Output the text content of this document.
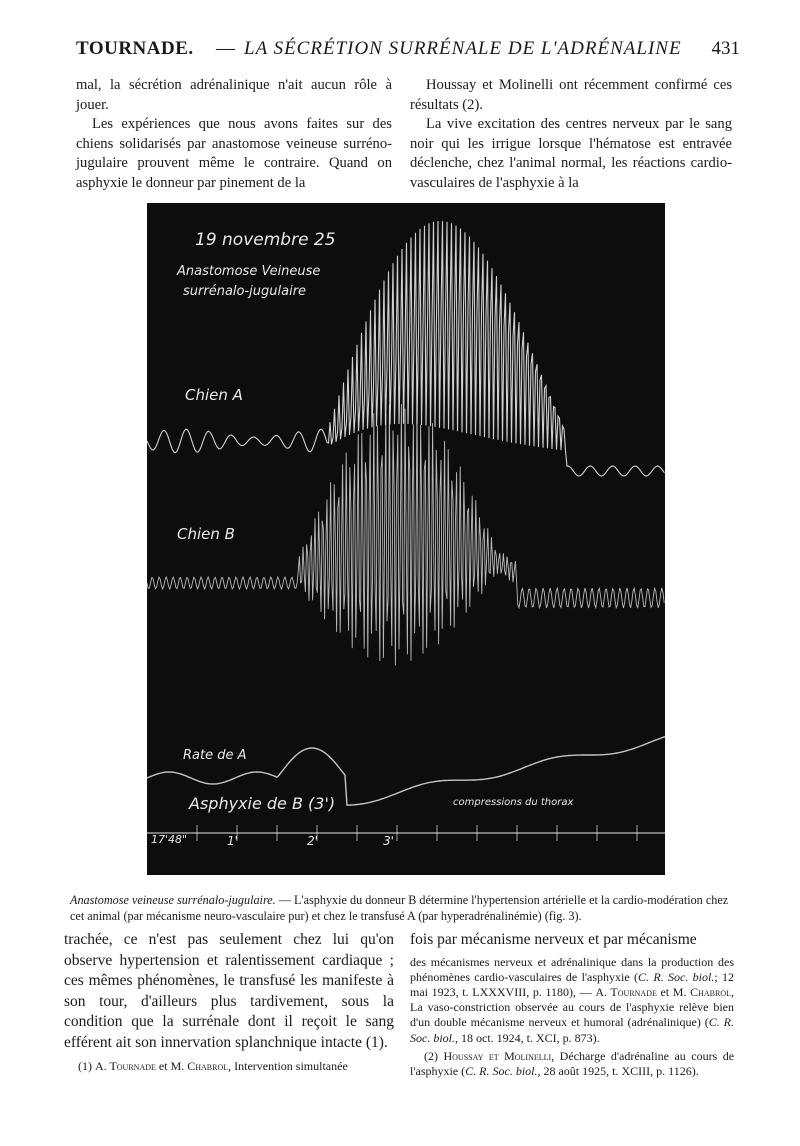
TOURNADE. — LA SÉCRÉTION SURRÉNALE DE L'ADRÉNALINE 431

mal, la sécrétion adrénalinique n'ait aucun rôle à jouer.

Les expériences que nous avons faites sur des chiens solidarisés par anastomose veineuse surréno-jugulaire prouvent même le contraire. Quand on asphyxie le donneur par pinement de la

Houssay et Molinelli ont récemment confirmé ces résultats (2).

La vive excitation des centres nerveux par le sang noir qui les irrigue lorsque l'hématose est entravée déclenche, chez l'animal normal, les réactions cardio-vasculaires de l'asphyxie à la

19 novembre 25
Anastomose Veineuse
surrénalo-jugulaire
Chien A
Chien B
Rate de A
Asphyxie de B (3')	compressions du thorax
17'48"	1'	2'	3'
Anastomose veineuse surrénalo-jugulaire. — L'asphyxie du donneur B détermine l'hypertension artérielle et la cardio-modération chez cet animal (par mécanisme neuro-vasculaire pur) et chez le transfusé A (par hyperadrénalinémie) (fig. 3).

trachée, ce n'est pas seulement chez lui qu'on observe hypertension et ralentissement cardiaque ; ces mêmes phénomènes, le transfusé les manifeste à son tour, d'ailleurs plus tardivement, sous la condition que la surrénale dont il reçoit le sang efférent ait son innervation splanchnique intacte (1).

(1) A. Tournade et M. Chabrol, Intervention simultanée

fois par mécanisme nerveux et par mécanisme

des mécanismes nerveux et adrénalinique dans la production des phénomènes cardio-vasculaires de l'asphyxie (C. R. Soc. biol.; 12 mai 1923, t. LXXXVIII, p. 1180), — A. Tournade et M. Chabrol, La vaso-constriction observée au cours de l'asphyxie relève bien d'un double mécanisme nerveux et humoral (adrénalinique) (C. R. Soc. biol., 18 oct. 1924, t. XCI, p. 873).

(2) Houssay et Molinelli, Décharge d'adrénaline au cours de l'asphyxie (C. R. Soc. biol., 28 août 1925, t. XCIII, p. 1126).
